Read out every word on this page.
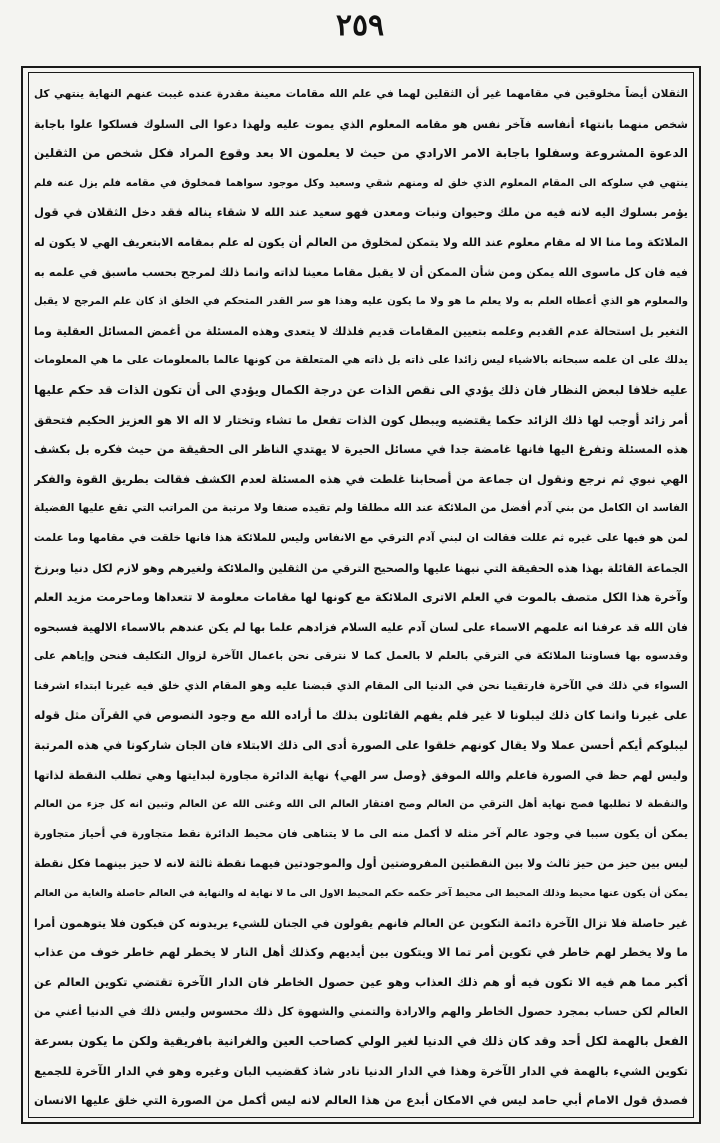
٢٥٩
الثقلان أيضاً مخلوقين في مقامهما غير أن الثقلين لهما في علم الله مقامات معينة مقدرة عنده غيبت عنهم النهاية ينتهي كل
شخص منهما بانتهاء أنفاسه فآخر نفس هو مقامه المعلوم الذي يموت عليه ولهذا دعوا الى السلوك فسلكوا علوا باجابة
الدعوة المشروعة وسفلوا باجابة الامر الارادي من حيث لا يعلمون الا بعد وقوع المراد فكل شخص من الثقلين
ينتهي في سلوكه الى المقام المعلوم الذي خلق له ومنهم شقي وسعيد وكل موجود سواهما فمخلوق في مقامه فلم يزل عنه فلم
يؤمر بسلوك اليه لانه فيه من ملك وحيوان ونبات ومعدن فهو سعيد عند الله لا شقاء يناله فقد دخل الثقلان في قول
الملائكة وما منا الا له مقام معلوم عند الله ولا يتمكن لمخلوق من العالم أن يكون له علم بمقامه الابتعريف الهي لا يكون له
فيه فان كل ماسوى الله يمكن ومن شأن الممكن أن لا يقبل مقاما معينا لذاته وانما ذلك لمرجح بحسب ماسبق في علمه به
والمعلوم هو الذي أعطاه العلم به ولا يعلم ما هو ولا ما يكون عليه وهذا هو سر القدر المتحكم في الخلق اذ كان علم المرجح لا يقبل
التغير بل استحالة عدم القديم وعلمه بتعيين المقامات قديم فلذلك لا يتعدى وهذه المسئلة من أغمض المسائل العقلية وما
يدلك على ان علمه سبحانه بالاشياء ليس زائدا على ذاته بل ذاته هي المتعلقة من كونها عالما بالمعلومات على ما هي المعلومات
عليه خلافا لبعض النظار فان ذلك يؤدي الى نقص الذات عن درجة الكمال ويؤدي الى أن تكون الذات قد حكم عليها
أمر زائد أوجب لها ذلك الزائد حكما يقتضيه ويبطل كون الذات تفعل ما تشاء وتختار لا اله الا هو العزيز الحكيم فتحقق
هذه المسئلة وتفرغ اليها فانها غامضة جدا في مسائل الحيرة لا يهتدي الناظر الى الحقيقة من حيث فكره بل بكشف
الهي نبوي ثم نرجع ونقول ان جماعة من أصحابنا غلطت في هذه المسئلة لعدم الكشف فقالت بطريق القوة والفكر
الفاسد ان الكامل من بني آدم أفضل من الملائكة عند الله مطلقا ولم تقيده صنفا ولا مرتبة من المراتب التي تقع عليها الفضيلة
لمن هو فيها على غيره ثم عللت فقالت ان لبني آدم الترقي مع الانفاس وليس للملائكة هذا فانها خلقت في مقامها وما علمت
الجماعة القائلة بهذا هذه الحقيقة التي نبهنا عليها والصحيح الترقي من الثقلين والملائكة ولغيرهم وهو لازم لكل دنيا وبرزخ
وآخرة هذا الكل متصف بالموت في العلم الاترى الملائكة مع كونها لها مقامات معلومة لا تتعداها وماحرمت مزيد العلم
فان الله قد عرفنا انه علمهم الاسماء على لسان آدم عليه السلام فزادهم علما بها لم يكن عندهم بالاسماء الالهية فسبحوه
وقدسوه بها فساوتنا الملائكة في الترقي بالعلم لا بالعمل كما لا نترقى نحن باعمال الآخرة لزوال التكليف فنحن وإياهم على
السواء في ذلك في الآخرة فارتقينا نحن في الدنيا الى المقام الذي قبضنا عليه وهو المقام الذي خلق فيه غيرنا ابتداء اشرفنا
على غيرنا وانما كان ذلك ليبلونا لا غير فلم يفهم القائلون بذلك ما أراده الله مع وجود النصوص في القرآن مثل قوله
ليبلوكم أيكم أحسن عملا ولا يقال كونهم خلقوا على الصورة أدى الى ذلك الابتلاء فان الجان شاركونا في هذه المرتبة
وليس لهم حظ في الصورة فاعلم والله الموفق ﴿وصل سر الهي﴾ نهاية الدائرة مجاورة لبدايتها وهي تطلب النقطة لذاتها
والنقطة لا تطلبها فصح نهاية أهل الترقي من العالم وصح افتقار العالم الى الله وغنى الله عن العالم وتبين انه كل جزء من العالم
يمكن أن يكون سببا في وجود عالم آخر مثله لا أكمل منه الى ما لا يتناهى فان محيط الدائرة نقط متجاورة في أحياز متجاورة
ليس بين حيز من حيز ثالث ولا بين النقطتين المفروضتين أول والموجودتين فيهما نقطة ثالثة لانه لا حيز بينهما فكل نقطة
يمكن أن يكون عنها محيط وذلك المحيط الى محيط آخر حكمه حكم المحيط الاول الى ما لا نهاية له والنهاية في العالم حاصلة والغاية من العالم
غير حاصلة فلا تزال الآخرة دائمة التكوين عن العالم فانهم يقولون في الجنان للشيء يريدونه كن فيكون فلا يتوهمون أمرا
ما ولا يخطر لهم خاطر في تكوين أمر تما الا ويتكون بين أيديهم وكذلك أهل النار لا يخطر لهم خاطر خوف من عذاب
أكبر مما هم فيه الا تكون فيه أو هم ذلك العذاب وهو عين حصول الخاطر فان الدار الآخرة تقتضي تكوين العالم عن
العالم لكن حساب بمجرد حصول الخاطر والهم والارادة والتمني والشهوة كل ذلك محسوس وليس ذلك في الدنيا أعني من
الفعل بالهمة لكل أحد وقد كان ذلك في الدنيا لغير الولي كصاحب العين والغرانية بافريقية ولكن ما يكون بسرعة
تكوين الشيء بالهمة في الدار الآخرة وهذا في الدار الدنيا نادر شاذ كقضيب البان وغيره وهو في الدار الآخرة للجميع
فصدق قول الامام أبي حامد ليس في الامكان أبدع من هذا العالم لانه ليس أكمل من الصورة التي خلق عليها الانسان
